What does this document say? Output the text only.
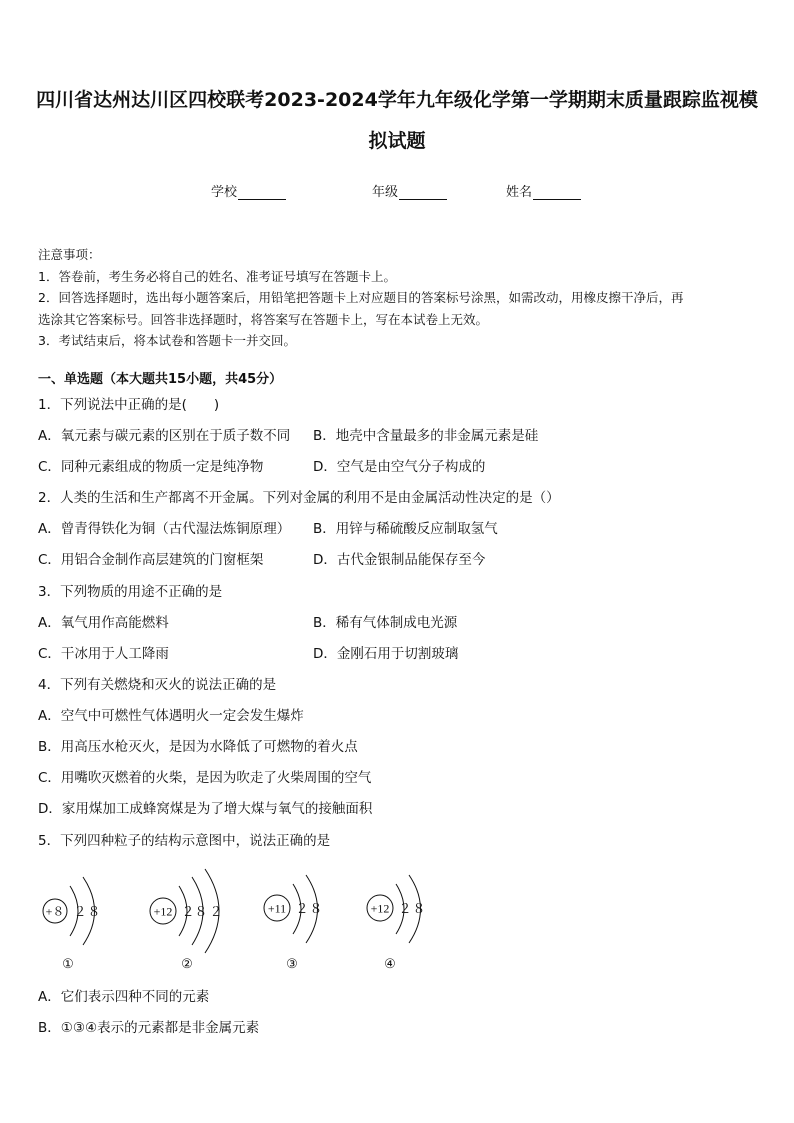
四川省达州达川区四校联考2023-2024学年九年级化学第一学期期末质量跟踪监视模
拟试题
学校	年级	姓名
注意事项：
1．答卷前，考生务必将自己的姓名、准考证号填写在答题卡上。
2．回答选择题时，选出每小题答案后，用铅笔把答题卡上对应题目的答案标号涂黑，如需改动，用橡皮擦干净后，再
选涂其它答案标号。回答非选择题时，将答案写在答题卡上，写在本试卷上无效。
3．考试结束后，将本试卷和答题卡一并交回。
一、单选题（本大题共15小题，共45分）
1．下列说法中正确的是(　　)
A．氧元素与碳元素的区别在于质子数不同 B．地壳中含量最多的非金属元素是硅
C．同种元素组成的物质一定是纯净物	D．空气是由空气分子构成的
2．人类的生活和生产都离不开金属。下列对金属的利用不是由金属活动性决定的是（）
A．曾青得铁化为铜（古代湿法炼铜原理） B．用锌与稀硫酸反应制取氢气
C．用铝合金制作高层建筑的门窗框架	D．古代金银制品能保存至今
3．下列物质的用途不正确的是
A．氧气用作高能燃料	B．稀有气体制成电光源
C．干冰用于人工降雨	D．金刚石用于切割玻璃
4．下列有关燃烧和灭火的说法正确的是
A．空气中可燃性气体遇明火一定会发生爆炸
B．用高压水枪灭火，是因为水降低了可燃物的着火点
C．用嘴吹灭燃着的火柴，是因为吹走了火柴周围的空气
D．家用煤加工成蜂窝煤是为了增大煤与氧气的接触面积
5．下列四种粒子的结构示意图中，说法正确的是
+８ ２ ８
①
+12 ２ ８ ２
②
+11 ２ ８
③
+12 ２ ８
④
A．它们表示四种不同的元素
B．①③④表示的元素都是非金属元素
